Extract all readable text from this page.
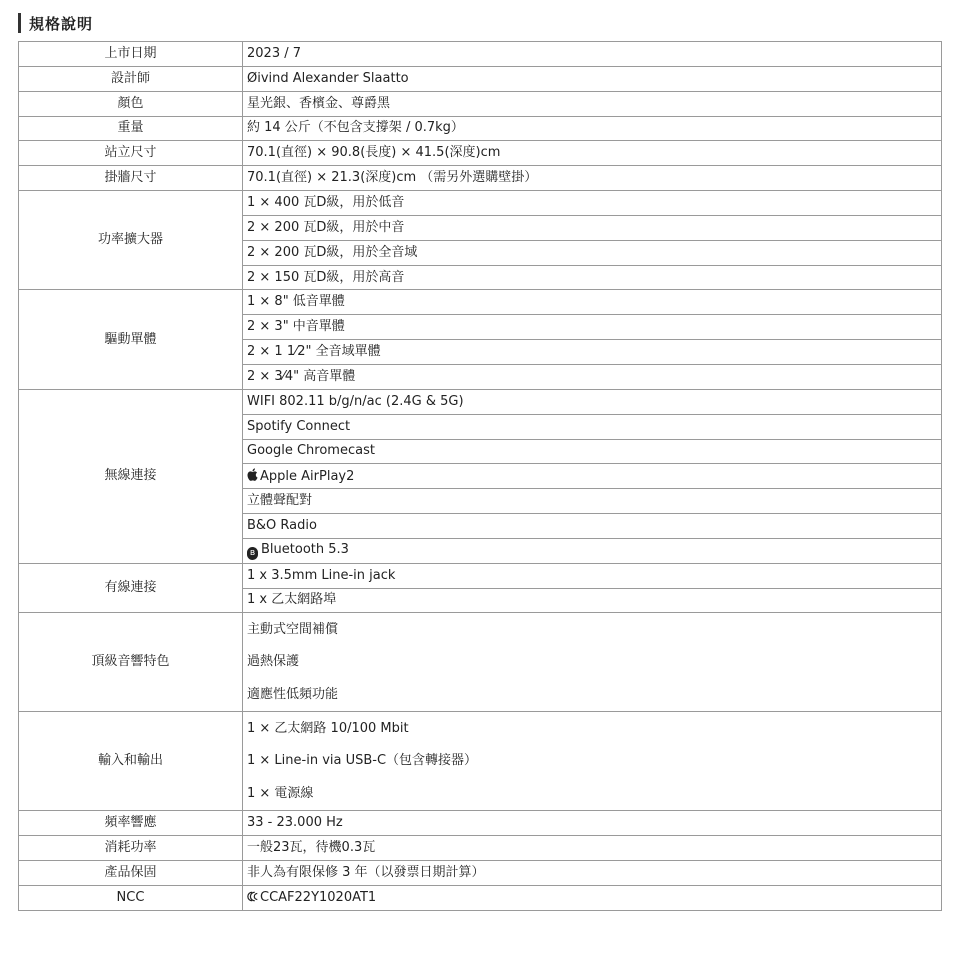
規格說明
上市日期	2023 / 7
設計師	Øivind Alexander Slaatto
顏色	星光銀、香檳金、尊爵黑
重量	約 14 公斤（不包含支撐架 / 0.7kg）
站立尺寸	70.1(直徑) × 90.8(長度) × 41.5(深度)cm
掛牆尺寸	70.1(直徑) × 21.3(深度)cm （需另外選購壁掛）
功率擴大器	1 × 400 瓦D級，用於低音
	2 × 200 瓦D級，用於中音
	2 × 200 瓦D級，用於全音域
	2 × 150 瓦D級，用於高音
驅動單體	1 × 8" 低音單體
	2 × 3" 中音單體
	2 × 1 1⁄2" 全音域單體
	2 × 3⁄4" 高音單體
無線連接	WIFI 802.11 b/g/n/ac (2.4G & 5G)
	Spotify Connect
	Google Chromecast
	Apple AirPlay2
	立體聲配對
	B&O Radio
	ʙ Bluetooth 5.3
有線連接	1 x 3.5mm Line-in jack
	1 x 乙太網路埠
頂級音響特色	主動式空間補償
	過熱保護
	適應性低頻功能
輸入和輸出	1 × 乙太網路 10/100 Mbit
	1 × Line-in via USB-C（包含轉接器）
	1 × 電源線
頻率響應	33 - 23.000 Hz
消耗功率	一般23瓦，待機0.3瓦
產品保固	非人為有限保修 3 年（以發票日期計算）
NCC	CCAF22Y1020AT1
